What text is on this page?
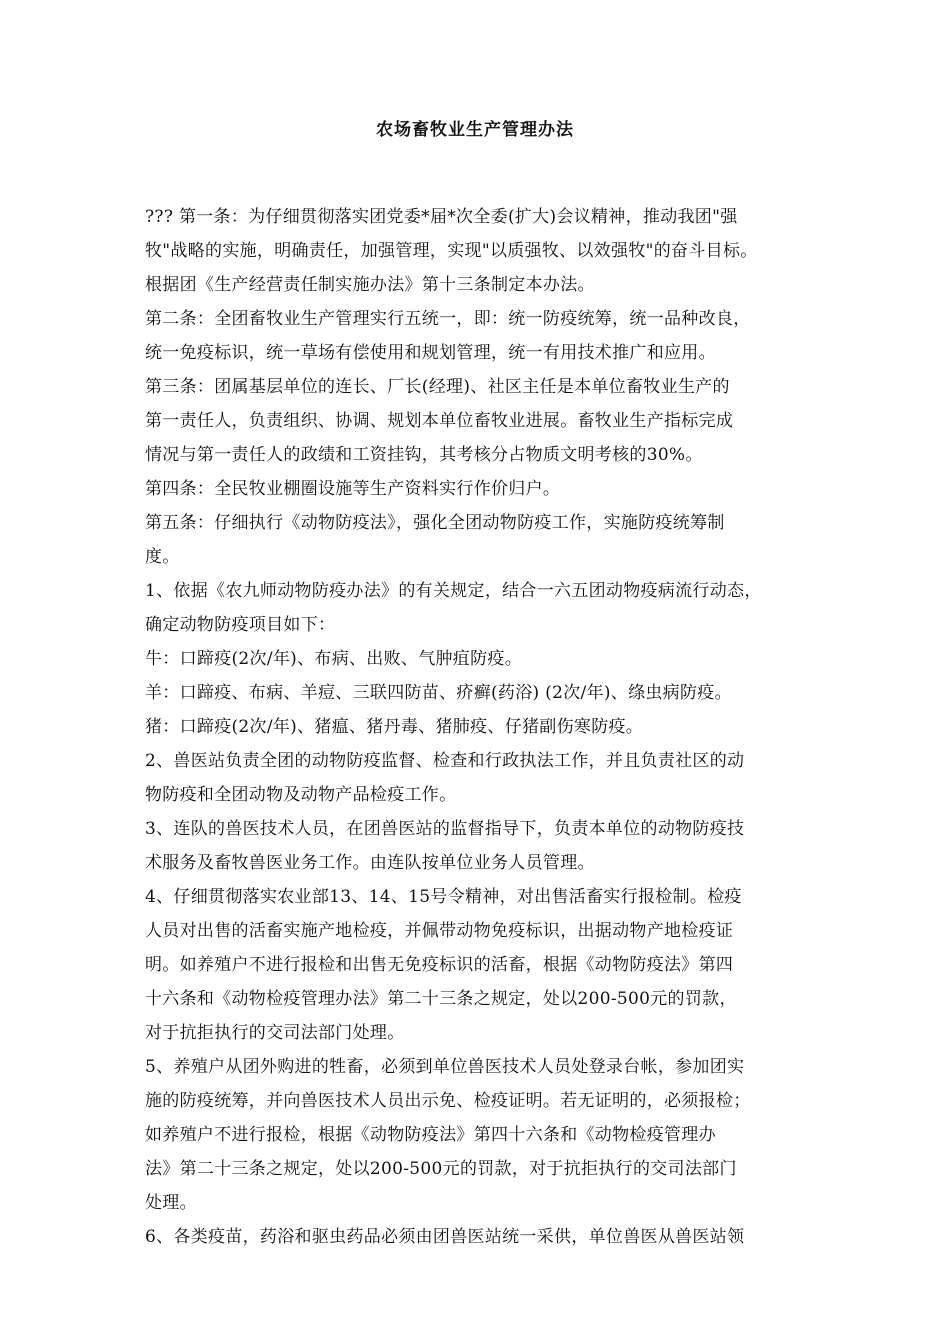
农场畜牧业生产管理办法

??? 第一条：为仔细贯彻落实团党委*届*次全委(扩大)会议精神，推动我团"强

牧"战略的实施，明确责任，加强管理，实现"以质强牧、以效强牧"的奋斗目标。

根据团《生产经营责任制实施办法》第十三条制定本办法。

第二条：全团畜牧业生产管理实行五统一，即：统一防疫统筹，统一品种改良，

统一免疫标识，统一草场有偿使用和规划管理，统一有用技术推广和应用。

第三条：团属基层单位的连长、厂长(经理)、社区主任是本单位畜牧业生产的

第一责任人，负责组织、协调、规划本单位畜牧业进展。畜牧业生产指标完成

情况与第一责任人的政绩和工资挂钩，其考核分占物质文明考核的30%。

第四条：全民牧业棚圈设施等生产资料实行作价归户。

第五条：仔细执行《动物防疫法》，强化全团动物防疫工作，实施防疫统筹制

度。

1、依据《农九师动物防疫办法》的有关规定，结合一六五团动物疫病流行动态，

确定动物防疫项目如下：

牛：口蹄疫(2次/年)、布病、出败、气肿疽防疫。

羊：口蹄疫、布病、羊痘、三联四防苗、疥癣(药浴) (2次/年)、绦虫病防疫。

猪：口蹄疫(2次/年)、猪瘟、猪丹毒、猪肺疫、仔猪副伤寒防疫。

2、兽医站负责全团的动物防疫监督、检查和行政执法工作，并且负责社区的动

物防疫和全团动物及动物产品检疫工作。

3、连队的兽医技术人员，在团兽医站的监督指导下，负责本单位的动物防疫技

术服务及畜牧兽医业务工作。由连队按单位业务人员管理。

4、仔细贯彻落实农业部13、14、15号令精神，对出售活畜实行报检制。检疫

人员对出售的活畜实施产地检疫，并佩带动物免疫标识，出据动物产地检疫证

明。如养殖户不进行报检和出售无免疫标识的活畜，根据《动物防疫法》第四

十六条和《动物检疫管理办法》第二十三条之规定，处以200-500元的罚款，

对于抗拒执行的交司法部门处理。

5、养殖户从团外购进的牲畜，必须到单位兽医技术人员处登录台帐，参加团实

施的防疫统筹，并向兽医技术人员出示免、检疫证明。若无证明的，必须报检；

如养殖户不进行报检，根据《动物防疫法》第四十六条和《动物检疫管理办

法》第二十三条之规定，处以200-500元的罚款，对于抗拒执行的交司法部门

处理。

6、各类疫苗，药浴和驱虫药品必须由团兽医站统一采供，单位兽医从兽医站领
